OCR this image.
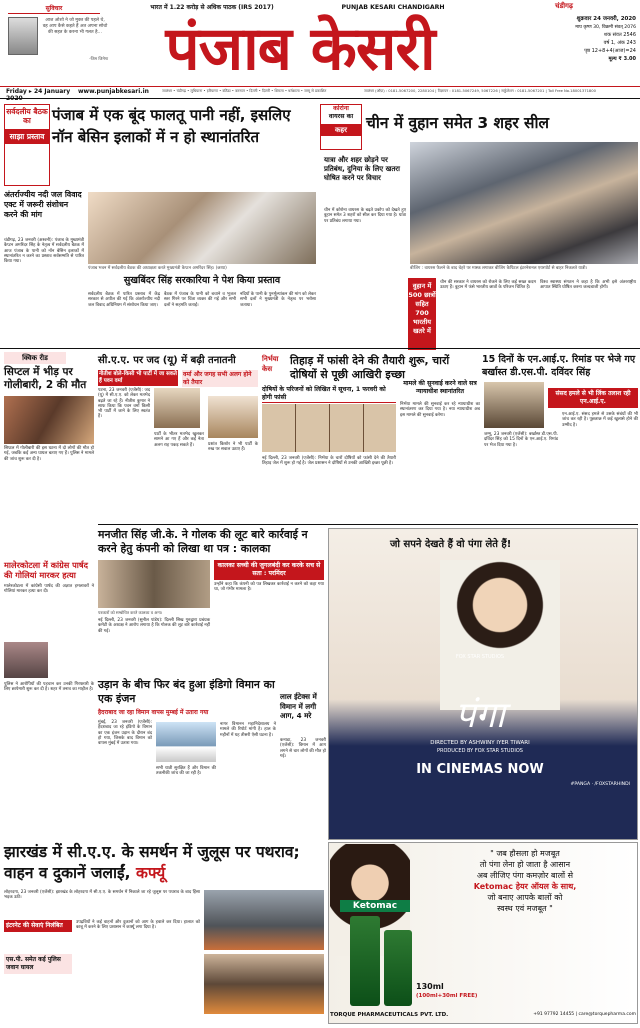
सुविचार
आज ओशो ने जो मुक्त की पहले थे, वह आप कैसे कहते हैं अत अपना सोचो की सहत के करना भी गलत है...
-जिम जिमेगा
भारत में 1.22 करोड़ से अधिक पाठक (IRS 2017)	PUNJAB KESARI CHANDIGARH
पंजाब केसरी
चंडीगढ़
शुक्रवार 24 जनवरी, 2020
माघ कृष्ण 30, विक्रमी संवत् 2076
शक संवत 2546
वर्ष 1, अंक 243
पृष्ठ 12+8+4(आज)=24
मूल्य ₹ 3.00
Friday ▸ 24 January	www.punjabkesari.in	जालंधर • चंडीगढ़ • लुधियाना • हरियाणा • बठिंडा • करनाल • दिल्ली • दिल्ली • शिमला • धर्मशाला • जम्मू से प्रकाशित	जालंधर (ऑफ़) : 0181-5067200, 2280104 | विज्ञापन : 0181-5067249, 5067226 | सर्कुलेशन : 0181-5067201 | Toll Free No.18001371800
सर्वदलीय बैठक का
साझा प्रस्ताव
पंजाब में एक बूंद फालतू पानी नहीं, इसलिए नॉन बेसिन इलाकों में न हो स्थानांतरित
अंतर्राज्यीय नदी जल विवाद एक्ट में जरूरी संशोधन करने की मांग
चंडीगढ़, 23 जनवरी (अश्वनी): पंजाब के मुख्यमंत्री कैप्टन अमरिंदर सिंह के नेतृत्व में सर्वदलीय बैठक में आज पंजाब के पानी को नॉन बेसिन इलाकों में स्थानांतरित न करने का प्रस्ताव सर्वसम्मति से पारित किया गया।
पंजाब भवन में सर्वदलीय बैठक की अध्यक्षता करते मुख्यमंत्री कैप्टन अमरिंदर सिंह। (छाया)
सुखबिंदर सिंह सरकारिया ने पेश किया प्रस्ताव
सर्वदलीय बैठक में पारित प्रस्ताव में केंद्र सरकार से अपील की गई कि अंतर्राज्यीय नदी जल विवाद अधिनियम में संशोधन किया जाए।
बैठक में पंजाब के पानी को बचाने व भूजल स्तर गिरने पर चिंता व्यक्त की गई और सभी दलों ने सहमति जताई।
नदियों के पानी के पुनर्मूल्यांकन की मांग को लेकर सभी दलों ने मुख्यमंत्री के नेतृत्व पर भरोसा जताया।
कोरोना
वायरस का
कहर	चीन में वुहान समेत 3 शहर सील
यात्रा और शहर छोड़ने पर प्रतिबंध, दुनिया के लिए खतरा घोषित करने पर विचार
चीन में कोरोना वायरस के बढ़ते प्रकोप को देखते हुए वुहान समेत 3 शहरों को सील कर दिया गया है। यात्रा पर प्रतिबंध लगाया गया।
वुहान में 500 छात्रों सहित 700 भारतीय खतरे में
बीजिंग : वायरस फैलने के बाद चेहरे पर मास्क लगाकर बीजिंग कैपिटल इंटरनेशनल एयरपोर्ट से बाहर निकलते यात्री।
चीन की सरकार ने वायरस को रोकने के लिए कई सख्त कदम उठाए हैं। वुहान में फंसे भारतीय छात्रों के परिजन चिंतित हैं।
विश्व स्वास्थ्य संगठन ने कहा है कि अभी इसे अंतरराष्ट्रीय आपात स्थिति घोषित करना जल्दबाजी होगी।
क्विक रीड
सिप्टल में भीड़ पर गोलीबारी, 2 की मौत
सिप्टल में गोलीबारी की इस घटना में दो लोगों की मौत हो गई, जबकि कई अन्य घायल बताए गए हैं। पुलिस ने मामले की जांच शुरू कर दी है।
मालेरकोटला में कांग्रेस पार्षद की गोलियां मारकर हत्या
मालेरकोटला में कांग्रेसी पार्षद की अज्ञात हमलावरों ने गोलियां मारकर हत्या कर दी।
पुलिस ने आरोपियों की पहचान कर उनकी गिरफ्तारी के लिए छापेमारी शुरू कर दी है। शहर में तनाव का माहौल है।
सी.ए.ए. पर जद (यू) में बढ़ी तनातनी
नीतीश बोले-किसी भी पार्टी में जा सकते हैं पवन वर्मा
वर्मा और जगह सभी अलग होने को तैयार
पटना, 23 जनवरी (एजेंसी): जद (यू) में सी.ए.ए. को लेकर मतभेद बढ़ते जा रहे हैं। नीतीश कुमार ने साफ किया कि पवन वर्मा किसी भी पार्टी में जाने के लिए स्वतंत्र हैं।
पार्टी के भीतर मतभेद खुलकर सामने आ गए हैं और कई नेता अलग राह पकड़ सकते हैं।	प्रशांत किशोर ने भी पार्टी के रुख पर सवाल उठाए हैं।
निर्भया केस
तिहाड़ में फांसी देने की तैयारी शुरू, चारों दोषियों से पूछी आखिरी इच्छा
दोषियों के परिजनों को लिखित में सूचना, 1 फरवरी को होगी फांसी
नई दिल्ली, 23 जनवरी (एजेंसी): निर्भया के चारों दोषियों को फांसी देने की तैयारी तिहाड़ जेल में शुरू हो गई है। जेल प्रशासन ने दोषियों से उनकी आखिरी इच्छा पूछी है।
मामले की सुनवाई करने वाले सत्र न्यायाधीश स्थानांतरित
निर्भया मामले की सुनवाई कर रहे न्यायाधीश का स्थानांतरण कर दिया गया है। नया न्यायाधीश अब इस मामले की सुनवाई करेगा।
15 दिनों के एन.आई.ए. रिमांड पर भेजे गए बर्खास्त डी.एस.पी. दविंदर सिंह
संसद हमले से भी लिंक तलाश रही एन.आई.ए.
जम्मू, 23 जनवरी (एजेंसी): बर्खास्त डी.एस.पी. दविंदर सिंह को 15 दिनों के एन.आई.ए. रिमांड पर भेज दिया गया है।
एन.आई.ए. संसद हमले से उसके संबंधों की भी जांच कर रही है। पूछताछ में कई खुलासे होने की उम्मीद है।
मनजीत सिंह जी.के. ने गोलक की लूट बारे कार्रवाई न करने हेतु कंपनी को लिखा था पत्र : कालका
पत्रकारों को सम्बोधित करते कालका व अन्य।
कालका सच्ची की जुगलबंदी कर करके सच से सता : परमिंदर
नई दिल्ली, 23 जनवरी (सुनील पांडेय): दिल्ली सिख गुरुद्वारा प्रबंधक कमेटी के अध्यक्ष ने आरोप लगाया है कि गोलक की लूट बारे कार्रवाई नहीं की गई।
उन्होंने कहा कि कंपनी को पत्र लिखकर कार्रवाई न करने को कहा गया था, जो गंभीर मामला है।
उड़ान के बीच फिर बंद हुआ इंडिगो विमान का एक इंजन
हैदराबाद जा रहा विमान वापस मुम्बई में उतारा गया
मुंबई, 23 जनवरी (एजेंसी): हैदराबाद जा रहे इंडिगो के विमान का एक इंजन उड़ान के दौरान बंद हो गया, जिसके बाद विमान को वापस मुंबई में उतारा गया।
सभी यात्री सुरक्षित हैं और विमान की तकनीकी जांच की जा रही है।
नागर विमानन महानिदेशालय ने मामले की रिपोर्ट मांगी है। हाल के महीनों में यह तीसरी ऐसी घटना है।
लाल ईटेक्स में विमान में लगी आग, 4 मरे
कनाडा, 23 जनवरी (एजेंसी): विमान में आग लगने से चार लोगों की मौत हो गई।
जो सपने देखते हैं वो पंगा लेते हैं!
पंगा
DIRECTED BY ASHWINY IYER TIWARI
PRODUCED BY FOX STAR STUDIOS
IN CINEMAS NOW
FOX STAR STUDIOS
#PANGA · /FOXSTARHINDI
झारखंड में सी.ए.ए. के समर्थन में जुलूस पर पथराव; वाहन व दुकानें जलाईं, कर्फ्यू
लोहरदगा, 23 जनवरी (एजेंसी): झारखंड के लोहरदगा में सी.ए.ए. के समर्थन में निकाले जा रहे जुलूस पर पथराव के बाद हिंसा भड़क उठी।
इंटरनेट की सेवाएं निलंबित
एस.पी. समेत कई पुलिस जवान घायल
उपद्रवियों ने कई वाहनों और दुकानों को आग के हवाले कर दिया। हालात को काबू में करने के लिए प्रशासन ने कर्फ्यू लगा दिया है।
Ketomac
" जब हौसला हो मजबूत
तो पंगा लेना हो जाता है आसान
अब लीजिए पंगा कमज़ोर बालों से
Ketomac हेयर ऑयल के साथ,
जो बनाए आपके बालों को
स्वस्थ एवं मजबूत "
130ml
(100ml+30ml FREE)
TORQUE PHARMACEUTICALS PVT. LTD.	+91 97792 14455 | care@torquepharma.com
